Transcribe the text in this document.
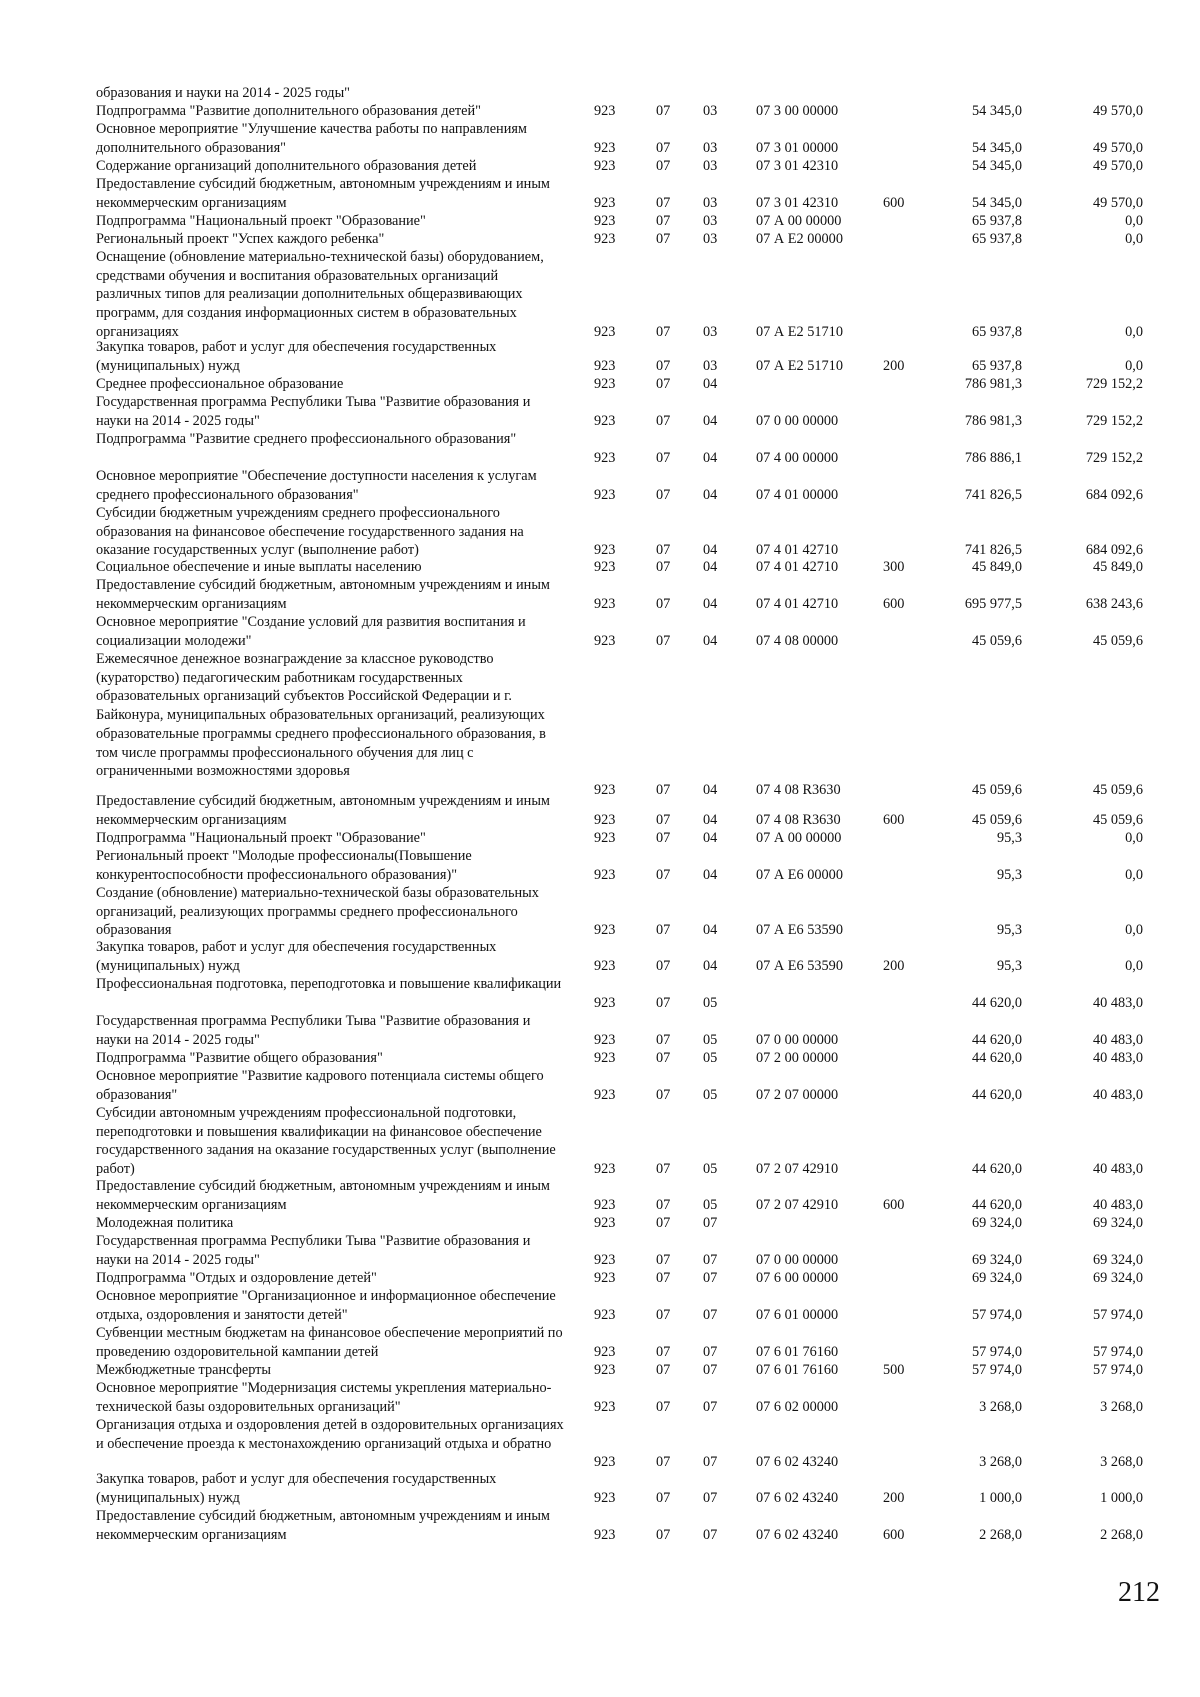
образования и науки на 2014 - 2025 годы"
Подпрограмма "Развитие дополнительного образования детей"	923	07 03	07 3 00 00000	54 345,0	49 570,0
Основное мероприятие "Улучшение качества работы по направлениям дополнительного образования"	923	07 03	07 3 01 00000	54 345,0	49 570,0
Содержание организаций дополнительного образования детей	923	07 03	07 3 01 42310	54 345,0	49 570,0
Предоставление субсидий бюджетным, автономным учреждениям и иным некоммерческим организациям	923	07 03	07 3 01 42310	600	54 345,0	49 570,0
Подпрограмма "Национальный проект "Образование"	923	07 03	07 А 00 00000	65 937,8	0,0
Региональный проект "Успех каждого ребенка"	923	07 03	07 А Е2 00000	65 937,8	0,0
Оснащение (обновление материально-технической базы) оборудованием, средствами обучения и воспитания образовательных организаций различных типов для реализации дополнительных общеразвивающих программ, для создания информационных систем в образовательных организациях	923	07 03	07 А Е2 51710	65 937,8	0,0
Закупка товаров, работ и услуг для обеспечения государственных (муниципальных) нужд	923	07 03	07 А Е2 51710	200	65 937,8	0,0
Среднее профессиональное образование	923	07 04	786 981,3	729 152,2
Государственная программа Республики Тыва "Развитие образования и науки на 2014 - 2025 годы"	923	07 04	07 0 00 00000	786 981,3	729 152,2
Подпрограмма "Развитие среднего профессионального образования"
923	07 04	07 4 00 00000	786 886,1	729 152,2
Основное мероприятие "Обеспечение доступности населения к услугам среднего профессионального образования"	923	07 04	07 4 01 00000	741 826,5	684 092,6
Субсидии бюджетным учреждениям среднего профессионального образования на финансовое обеспечение государственного задания на оказание государственных услуг (выполнение работ)	923	07 04	07 4 01 42710	741 826,5	684 092,6
Социальное обеспечение и иные выплаты населению	923	07 04	07 4 01 42710	300	45 849,0	45 849,0
Предоставление субсидий бюджетным, автономным учреждениям и иным некоммерческим организациям	923	07 04	07 4 01 42710	600	695 977,5	638 243,6
Основное мероприятие "Создание условий для развития воспитания и социализации молодежи"	923	07 04	07 4 08 00000	45 059,6	45 059,6
Ежемесячное денежное вознаграждение за классное руководство (кураторство) педагогическим работникам государственных образовательных организаций субъектов Российской Федерации и г. Байконура, муниципальных образовательных организаций, реализующих образовательные программы среднего профессионального образования, в том числе программы профессионального обучения для лиц с ограниченными возможностями здоровья
923	07 04	07 4 08 R3630	45 059,6	45 059,6
Предоставление субсидий бюджетным, автономным учреждениям и иным некоммерческим организациям	923	07 04	07 4 08 R3630	600	45 059,6	45 059,6
Подпрограмма "Национальный проект "Образование"	923	07 04	07 А 00 00000	95,3	0,0
Региональный проект "Молодые профессионалы(Повышение конкурентоспособности профессионального образования)"	923	07 04	07 А Е6 00000	95,3	0,0
Создание (обновление) материально-технической базы образовательных организаций, реализующих программы среднего профессионального образования	923	07 04	07 А Е6 53590	95,3	0,0
Закупка товаров, работ и услуг для обеспечения государственных (муниципальных) нужд	923	07 04	07 А Е6 53590	200	95,3	0,0
Профессиональная подготовка, переподготовка и повышение квалификации
923	07 05	44 620,0	40 483,0
Государственная программа Республики Тыва "Развитие образования и науки на 2014 - 2025 годы"	923	07 05	07 0 00 00000	44 620,0	40 483,0
Подпрограмма "Развитие общего образования"	923	07 05	07 2 00 00000	44 620,0	40 483,0
Основное мероприятие "Развитие кадрового потенциала системы общего образования"	923	07 05	07 2 07 00000	44 620,0	40 483,0
Субсидии автономным учреждениям профессиональной подготовки, переподготовки и повышения квалификации на финансовое обеспечение государственного задания на оказание государственных услуг (выполнение работ)	923	07 05	07 2 07 42910	44 620,0	40 483,0
Предоставление субсидий бюджетным, автономным учреждениям и иным некоммерческим организациям	923	07 05	07 2 07 42910	600	44 620,0	40 483,0
Молодежная политика	923	07 07	69 324,0	69 324,0
Государственная программа Республики Тыва "Развитие образования и науки на 2014 - 2025 годы"	923	07 07	07 0 00 00000	69 324,0	69 324,0
Подпрограмма "Отдых и оздоровление детей"	923	07 07	07 6 00 00000	69 324,0	69 324,0
Основное мероприятие "Организационное и информационное обеспечение отдыха, оздоровления и занятости детей"	923	07 07	07 6 01 00000	57 974,0	57 974,0
Субвенции местным бюджетам на финансовое обеспечение мероприятий по проведению оздоровительной кампании детей	923	07 07	07 6 01 76160	57 974,0	57 974,0
Межбюджетные трансферты	923	07 07	07 6 01 76160	500	57 974,0	57 974,0
Основное мероприятие "Модернизация системы укрепления материально-технической базы оздоровительных организаций"	923	07 07	07 6 02 00000	3 268,0	3 268,0
Организация отдыха и оздоровления детей в оздоровительных организациях и обеспечение проезда к местонахождению организаций отдыха и обратно
923	07 07	07 6 02 43240	3 268,0	3 268,0
Закупка товаров, работ и услуг для обеспечения государственных (муниципальных) нужд	923	07 07	07 6 02 43240	200	1 000,0	1 000,0
Предоставление субсидий бюджетным, автономным учреждениям и иным некоммерческим организациям	923	07 07	07 6 02 43240	600	2 268,0	2 268,0
212
